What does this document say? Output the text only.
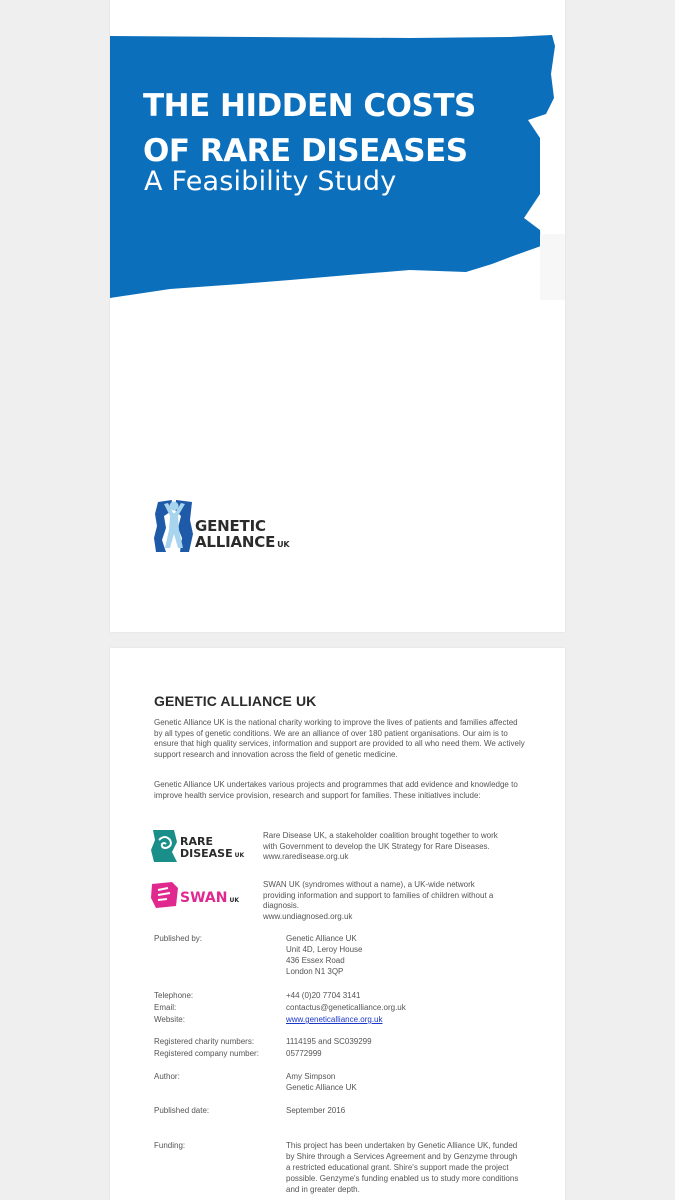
THE HIDDEN COSTS
OF RARE DISEASES
A Feasibility Study
GENETIC
ALLIANCE UK
GENETIC ALLIANCE UK

Genetic Alliance UK is the national charity working to improve the lives of patients and families affected by all types of genetic conditions. We are an alliance of over 180 patient organisations. Our aim is to ensure that high quality services, information and support are provided to all who need them. We actively support research and innovation across the field of genetic medicine.

Genetic Alliance UK undertakes various projects and programmes that add evidence and knowledge to improve health service provision, research and support for families. These initiatives include:

RARE
DISEASE UK

Rare Disease UK, a stakeholder coalition brought together to work
with Government to develop the UK Strategy for Rare Diseases.
www.raredisease.org.uk

SWAN UK

SWAN UK (syndromes without a name), a UK-wide network
providing information and support to families of children without a
diagnosis.
www.undiagnosed.org.uk

Published by:	Genetic Alliance UK
Unit 4D, Leroy House
436 Essex Road
London N1 3QP
Telephone:	+44 (0)20 7704 3141
Email:	contactus@geneticalliance.org.uk
Website:	www.geneticalliance.org.uk
Registered charity numbers:	1114195 and SC039299
Registered company number:	05772999
Author:	Amy Simpson
Genetic Alliance UK
Published date:	September 2016
Funding:	This project has been undertaken by Genetic Alliance UK, funded by Shire through a Services Agreement and by Genzyme through a restricted educational grant. Shire's support made the project possible. Genzyme's funding enabled us to study more conditions and in greater depth.
